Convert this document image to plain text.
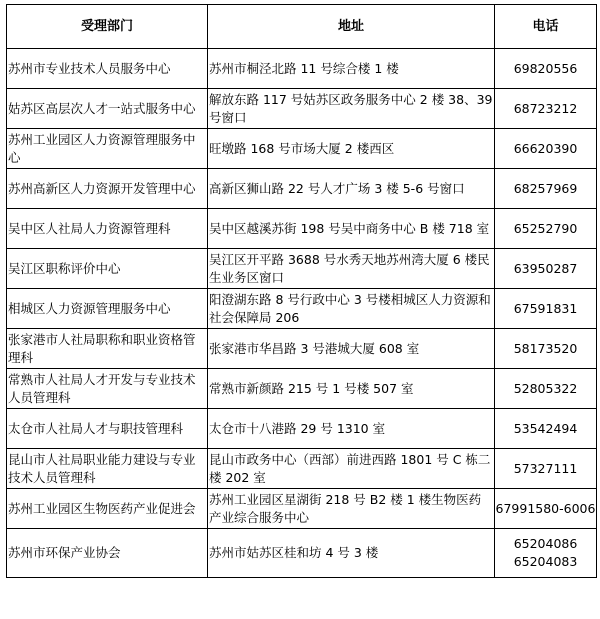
受理部门	地址	电话
苏州市专业技术人员服务中心	苏州市桐泾北路 11 号综合楼 1 楼	69820556

姑苏区高层次人才一站式服务中心	解放东路 117 号姑苏区政务服务中心 2 楼 38、39 号窗口	68723212

苏州工业园区人力资源管理服务中心	旺墩路 168 号市场大厦 2 楼西区	66620390

苏州高新区人力资源开发管理中心	高新区狮山路 22 号人才广场 3 楼 5-6 号窗口	68257969

吴中区人社局人力资源管理科	吴中区越溪苏街 198 号吴中商务中心 B 楼 718 室	65252790

吴江区职称评价中心	吴江区开平路 3688 号水秀天地苏州湾大厦 6 楼民生业务区窗口	63950287

相城区人力资源管理服务中心	阳澄湖东路 8 号行政中心 3 号楼相城区人力资源和社会保障局 206	67591831

张家港市人社局职称和职业资格管理科	张家港市华昌路 3 号港城大厦 608 室	58173520

常熟市人社局人才开发与专业技术人员管理科	常熟市新颜路 215 号 1 号楼 507 室	52805322

太仓市人社局人才与职技管理科	太仓市十八港路 29 号 1310 室	53542494

昆山市人社局职业能力建设与专业技术人员管理科	昆山市政务中心（西部）前进西路 1801 号 C 栋二楼 202 室	57327111

苏州工业园区生物医药产业促进会	苏州工业园区星湖街 218 号 B2 楼 1 楼生物医药产业综合服务中心	67991580-6006

苏州市环保产业协会	苏州市姑苏区桂和坊 4 号 3 楼	65204086
65204083
